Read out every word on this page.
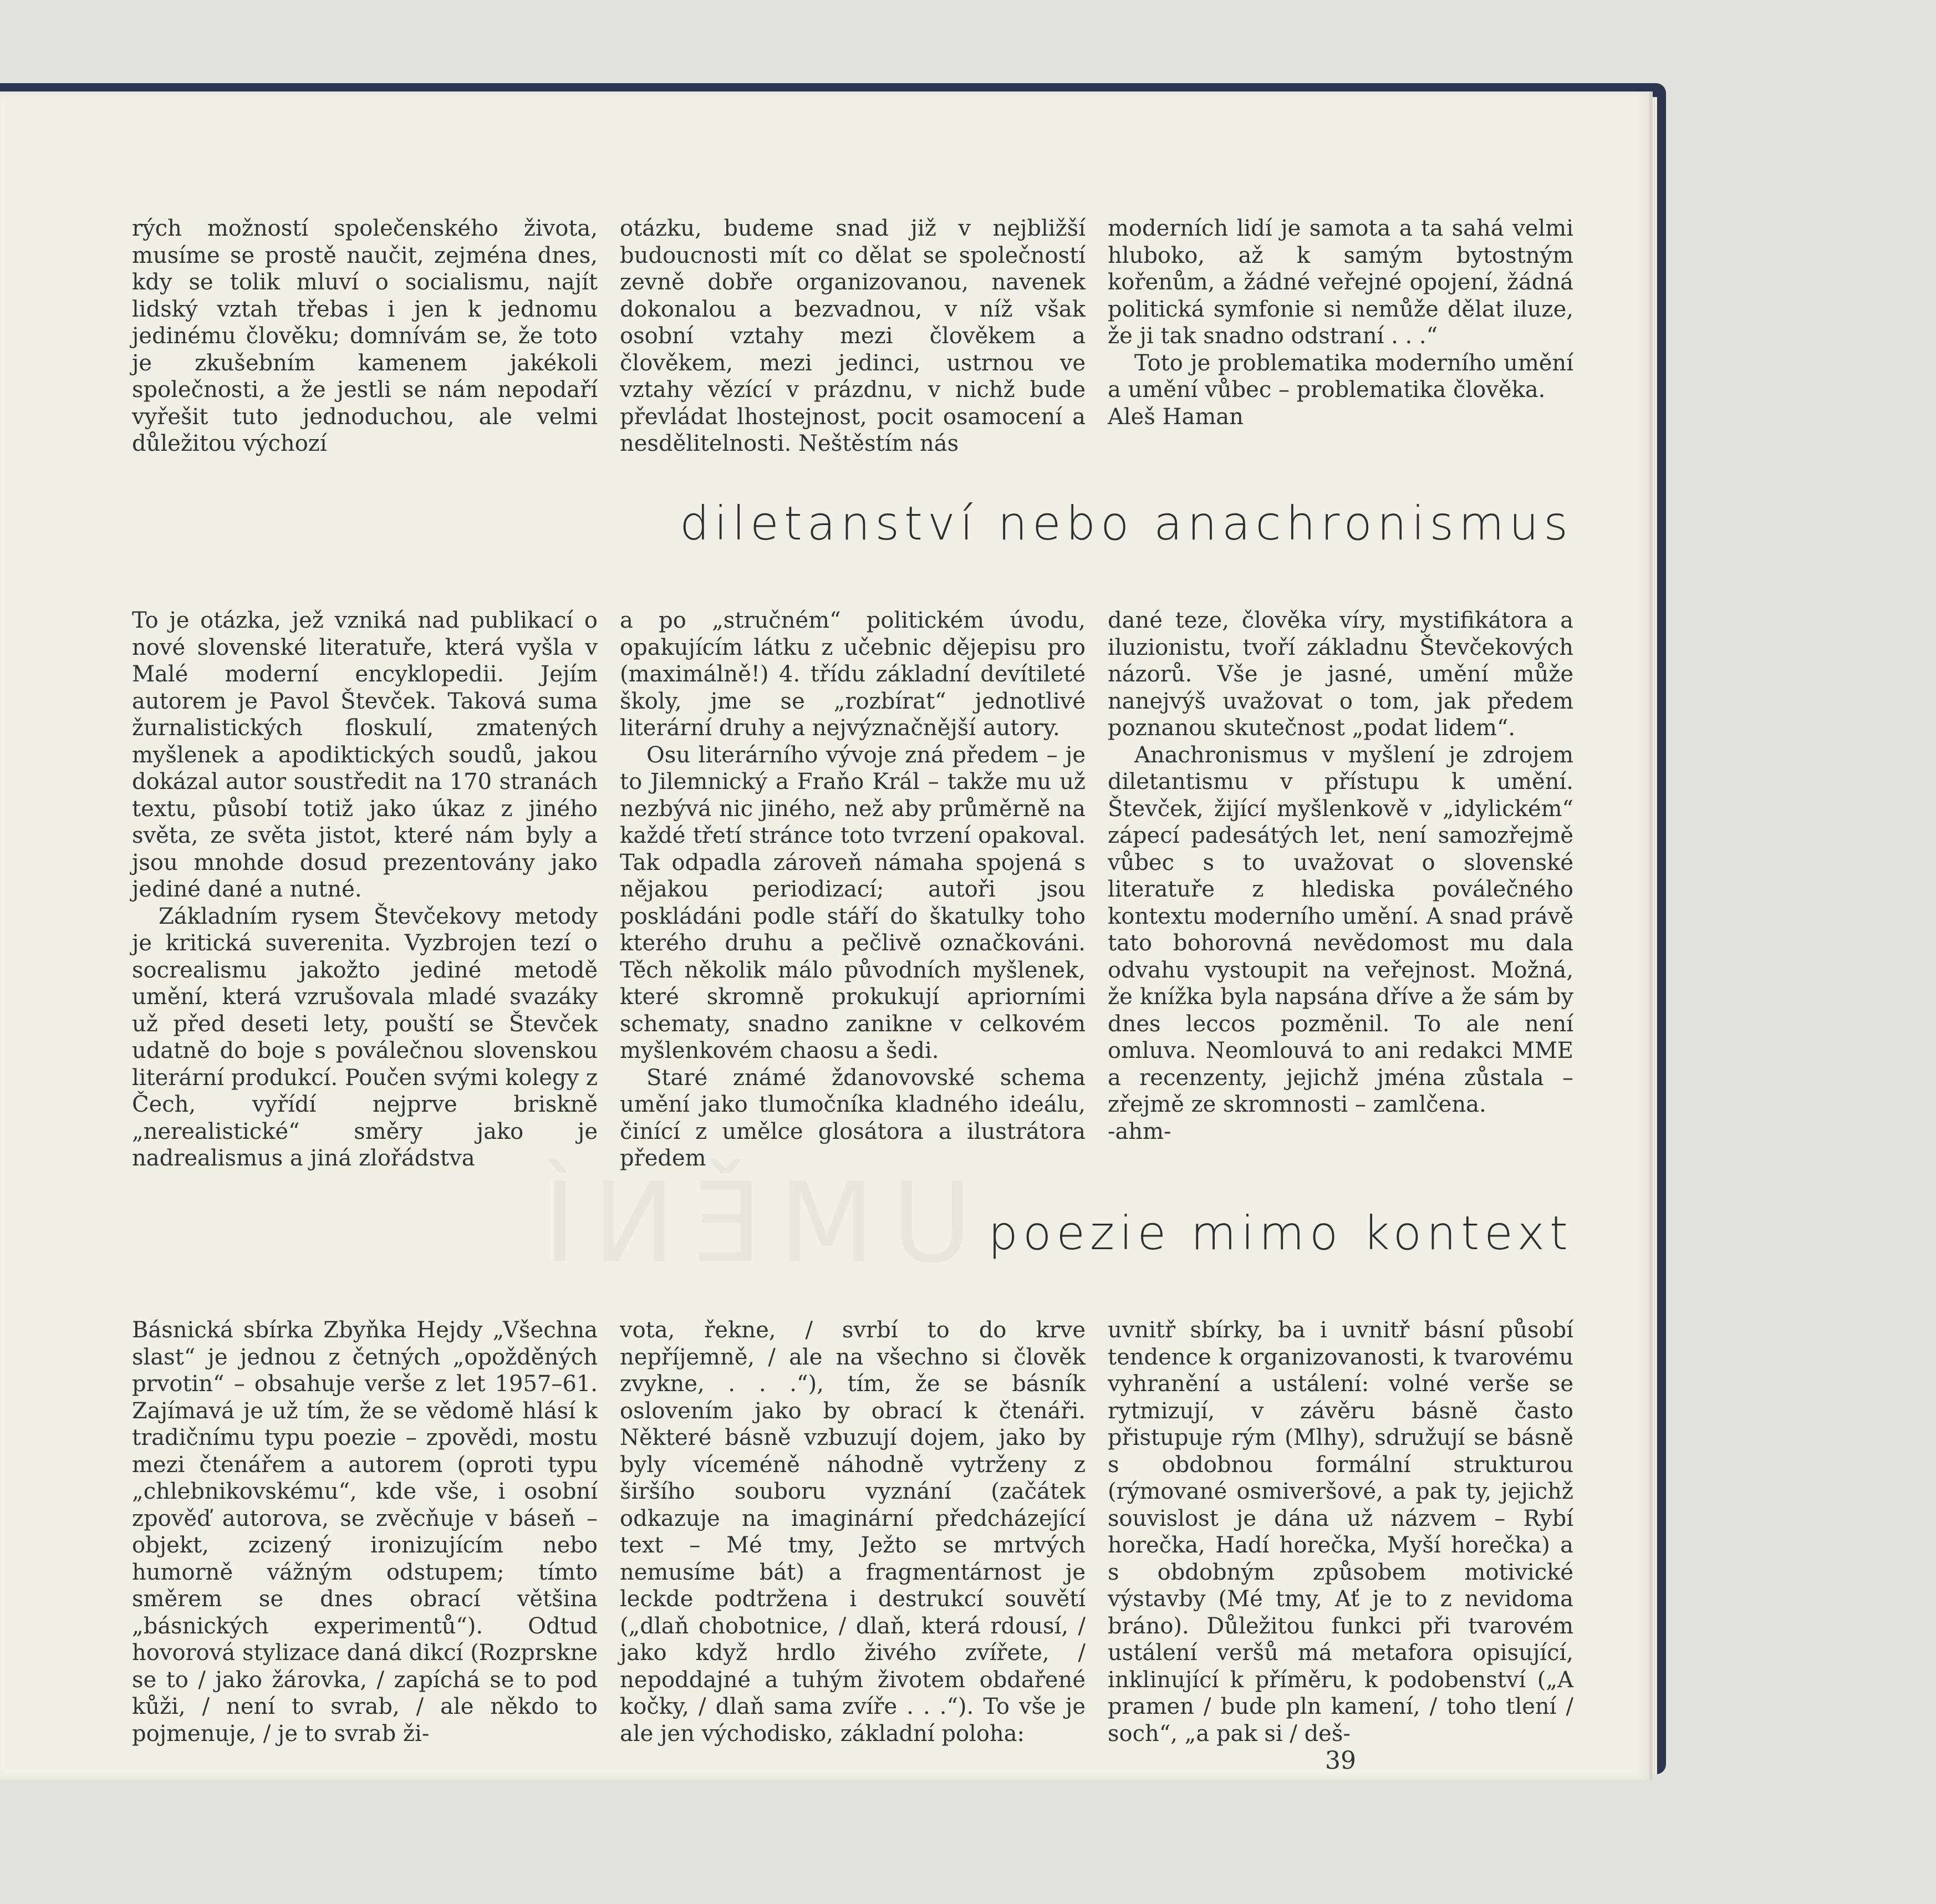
rých možností společenského života, musíme se prostě naučit, zejména dnes, kdy se tolik mluví o socialismu, najít lidský vztah třebas i jen k jednomu jedinému člověku; domnívám se, že toto je zkušebním kamenem jakékoli společnosti, a že jestli se nám nepodaří vyřešit tuto jednoduchou, ale velmi důležitou výchozí

otázku, budeme snad již v nejbližší budoucnosti mít co dělat se společností zevně dobře organizovanou, navenek dokonalou a bezvadnou, v níž však osobní vztahy mezi člověkem a člověkem, mezi jedinci, ustrnou ve vztahy vězící v prázdnu, v nichž bude převládat lhostejnost, pocit osamocení a nesdělitelnosti. Neštěstím nás

moderních lidí je samota a ta sahá velmi hluboko, až k samým bytostným kořenům, a žádné veřejné opojení, žádná politická symfonie si nemůže dělat iluze, že ji tak snadno odstraní . . .“

Toto je problematika moderního umění a umění vůbec – problematika člověka.

Aleš Haman

diletanství nebo anachronismus

To je otázka, jež vzniká nad publikací o nové slovenské literatuře, která vyšla v Malé moderní encyklopedii. Jejím autorem je Pavol Števček. Taková suma žurnalistických floskulí, zmatených myšlenek a apodiktických soudů, jakou dokázal autor soustředit na 170 stranách textu, působí totiž jako úkaz z jiného světa, ze světa jistot, které nám byly a jsou mnohde dosud prezentovány jako jediné dané a nutné.

Základním rysem Števčekovy metody je kritická suverenita. Vyzbrojen tezí o socrealismu jakožto jediné metodě umění, která vzrušovala mladé svazáky už před deseti lety, pouští se Števček udatně do boje s poválečnou slovenskou literární produkcí. Poučen svými kolegy z Čech, vyřídí nejprve briskně „nerealistické“ směry jako je nadrealismus a jiná zlořádstva

a po „stručném“ politickém úvodu, opakujícím látku z učebnic dějepisu pro (maximálně!) 4. třídu základní devítileté školy, jme se „rozbírat“ jednotlivé literární druhy a nejvýznačnější autory.

Osu literárního vývoje zná předem – je to Jilemnický a Fraňo Král – takže mu už nezbývá nic jiného, než aby průměrně na každé třetí stránce toto tvrzení opakoval. Tak odpadla zároveň námaha spojená s nějakou periodizací; autoři jsou poskládáni podle stáří do škatulky toho kterého druhu a pečlivě označkováni. Těch několik málo původních myšlenek, které skromně prokukují apriorními schematy, snadno zanikne v celkovém myšlenkovém chaosu a šedi.

Staré známé ždanovovské schema umění jako tlumočníka kladného ideálu, činící z umělce glosátora a ilustrátora předem

dané teze, člověka víry, mystifikátora a iluzionistu, tvoří základnu Števčekových názorů. Vše je jasné, umění může nanejvýš uvažovat o tom, jak předem poznanou skutečnost „podat lidem“.

Anachronismus v myšlení je zdrojem diletantismu v přístupu k umění. Števček, žijící myšlenkově v „idylickém“ zápecí padesátých let, není samozřejmě vůbec s to uvažovat o slovenské literatuře z hlediska poválečného kontextu moderního umění. A snad právě tato bohorovná nevědomost mu dala odvahu vystoupit na veřejnost. Možná, že knížka byla napsána dříve a že sám by dnes leccos pozměnil. To ale není omluva. Neomlouvá to ani redakci MME a recenzenty, jejichž jména zůstala – zřejmě ze skromnosti – zamlčena.

-ahm-

poezie mimo kontext

Básnická sbírka Zbyňka Hejdy „Všechna slast“ je jednou z četných „opožděných prvotin“ – obsahuje verše z let 1957–61. Zajímavá je už tím, že se vědomě hlásí k tradičnímu typu poezie – zpovědi, mostu mezi čtenářem a autorem (oproti typu „chlebnikovskému“, kde vše, i osobní zpověď autorova, se zvěcňuje v báseň – objekt, zcizený ironizujícím nebo humorně vážným odstupem; tímto směrem se dnes obrací většina „básnických experimentů“). Odtud hovorová stylizace daná dikcí (Rozprskne se to / jako žárovka, / zapíchá se to pod kůži, / není to svrab, / ale někdo to pojmenuje, / je to svrab ži-

vota, řekne, / svrbí to do krve nepříjemně, / ale na všechno si člověk zvykne, . . .“), tím, že se básník oslovením jako by obrací k čtenáři. Některé básně vzbuzují dojem, jako by byly víceméně náhodně vytrženy z širšího souboru vyznání (začátek odkazuje na imaginární předcházející text – Mé tmy, Ježto se mrtvých nemusíme bát) a fragmentárnost je leckde podtržena i destrukcí souvětí („dlaň chobotnice, / dlaň, která rdousí, / jako když hrdlo živého zvířete, / nepoddajné a tuhým životem obdařené kočky, / dlaň sama zvíře . . .“). To vše je ale jen východisko, základní poloha:

uvnitř sbírky, ba i uvnitř básní působí tendence k organizovanosti, k tvarovému vyhranění a ustálení: volné verše se rytmizují, v závěru básně často přistupuje rým (Mlhy), sdružují se básně s obdobnou formální strukturou (rýmované osmiveršové, a pak ty, jejichž souvislost je dána už názvem – Rybí horečka, Hadí horečka, Myší horečka) a s obdobným způsobem motivické výstavby (Mé tmy, Ať je to z nevidoma bráno). Důležitou funkci při tvarovém ustálení veršů má metafora opisující, inklinující k příměru, k podobenství („A pramen / bude pln kamení, / toho tlení / soch“, „a pak si / deš-

39
